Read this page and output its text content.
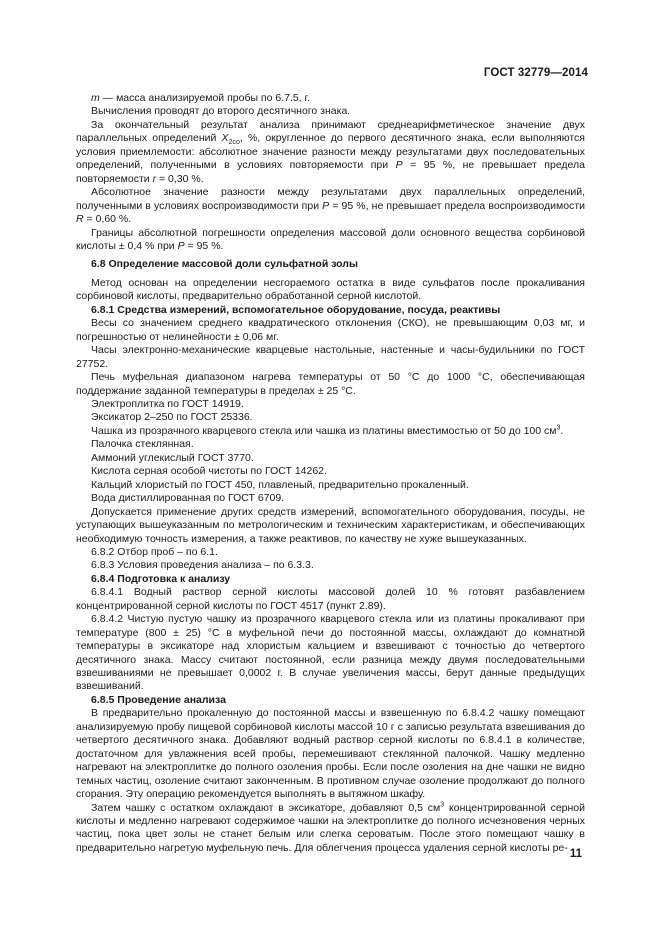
ГОСТ 32779—2014

m — масса анализируемой пробы по 6.7.5, г.

Вычисления проводят до второго десятичного знака.

За окончательный результат анализа принимают среднеарифметическое значение двух параллельных определений $X_{2со}$, %, округленное до первого десятичного знака, если выполняются условия приемлемости: абсолютное значение разности между результатами двух последовательных определений, полученными в условиях повторяемости при P = 95 %, не превышает предела повторяемости r = 0,30 %.

Абсолютное значение разности между результатами двух параллельных определений, полученными в условиях воспроизводимости при P = 95 %, не превышает предела воспроизводимости R = 0,60 %.

Границы абсолютной погрешности определения массовой доли основного вещества сорбиновой кислоты ± 0,4 % при P = 95 %.

6.8 Определение массовой доли сульфатной золы

Метод основан на определении несгораемого остатка в виде сульфатов после прокаливания сорбиновой кислоты, предварительно обработанной серной кислотой.

6.8.1 Средства измерений, вспомогательное оборудование, посуда, реактивы

Весы со значением среднего квадратического отклонения (СКО), не превышающим 0,03 мг, и погрешностью от нелинейности ± 0,06 мг.

Часы электронно-механические кварцевые настольные, настенные и часы-будильники по ГОСТ 27752.

Печь муфельная диапазоном нагрева температуры от 50 °С до 1000 °С, обеспечивающая поддержание заданной температуры в пределах ± 25 °С.

Электроплитка по ГОСТ 14919.

Эксикатор 2–250 по ГОСТ 25336.

Чашка из прозрачного кварцевого стекла или чашка из платины вместимостью от 50 до 100 $см^3$.

Палочка стеклянная.

Аммоний углекислый ГОСТ 3770.

Кислота серная особой чистоты по ГОСТ 14262.

Кальций хлористый по ГОСТ 450, плавленый, предварительно прокаленный.

Вода дистиллированная по ГОСТ 6709.

Допускается применение других средств измерений, вспомогательного оборудования, посуды, не уступающих вышеуказанным по метрологическим и техническим характеристикам, и обеспечивающих необходимую точность измерения, а также реактивов, по качеству не хуже вышеуказанных.

6.8.2 Отбор проб – по 6.1.

6.8.3 Условия проведения анализа – по 6.3.3.

6.8.4 Подготовка к анализу

6.8.4.1 Водный раствор серной кислоты массовой долей 10 % готовят разбавлением концентрированной серной кислоты по ГОСТ 4517 (пункт 2.89).

6.8.4.2 Чистую пустую чашку из прозрачного кварцевого стекла или из платины прокаливают при температуре (800 ± 25) °С в муфельной печи до постоянной массы, охлаждают до комнатной температуры в эксикаторе над хлористым кальцием и взвешивают с точностью до четвертого десятичного знака. Массу считают постоянной, если разница между двумя последовательными взвешиваниями не превышает 0,0002 г. В случае увеличения массы, берут данные предыдущих взвешиваний.

6.8.5 Проведение анализа

В предварительно прокаленную до постоянной массы и взвешенную по 6.8.4.2 чашку помещают анализируемую пробу пищевой сорбиновой кислоты массой 10 г с записью результата взвешивания до четвертого десятичного знака. Добавляют водный раствор серной кислоты по 6.8.4.1 в количестве, достаточном для увлажнения всей пробы, перемешивают стеклянной палочкой. Чашку медленно нагревают на электроплитке до полного озоления пробы. Если после озоления на дне чашки не видно темных частиц, озоление считают законченным. В противном случае озоление продолжают до полного сгорания. Эту операцию рекомендуется выполнять в вытяжном шкафу.

Затем чашку с остатком охлаждают в эксикаторе, добавляют 0,5 $см^3$ концентрированной серной кислоты и медленно нагревают содержимое чашки на электроплитке до полного исчезновения черных частиц, пока цвет золы не станет белым или слегка сероватым. После этого помещают чашку в предварительно нагретую муфельную печь. Для облегчения процесса удаления серной кислоты ре-

11
